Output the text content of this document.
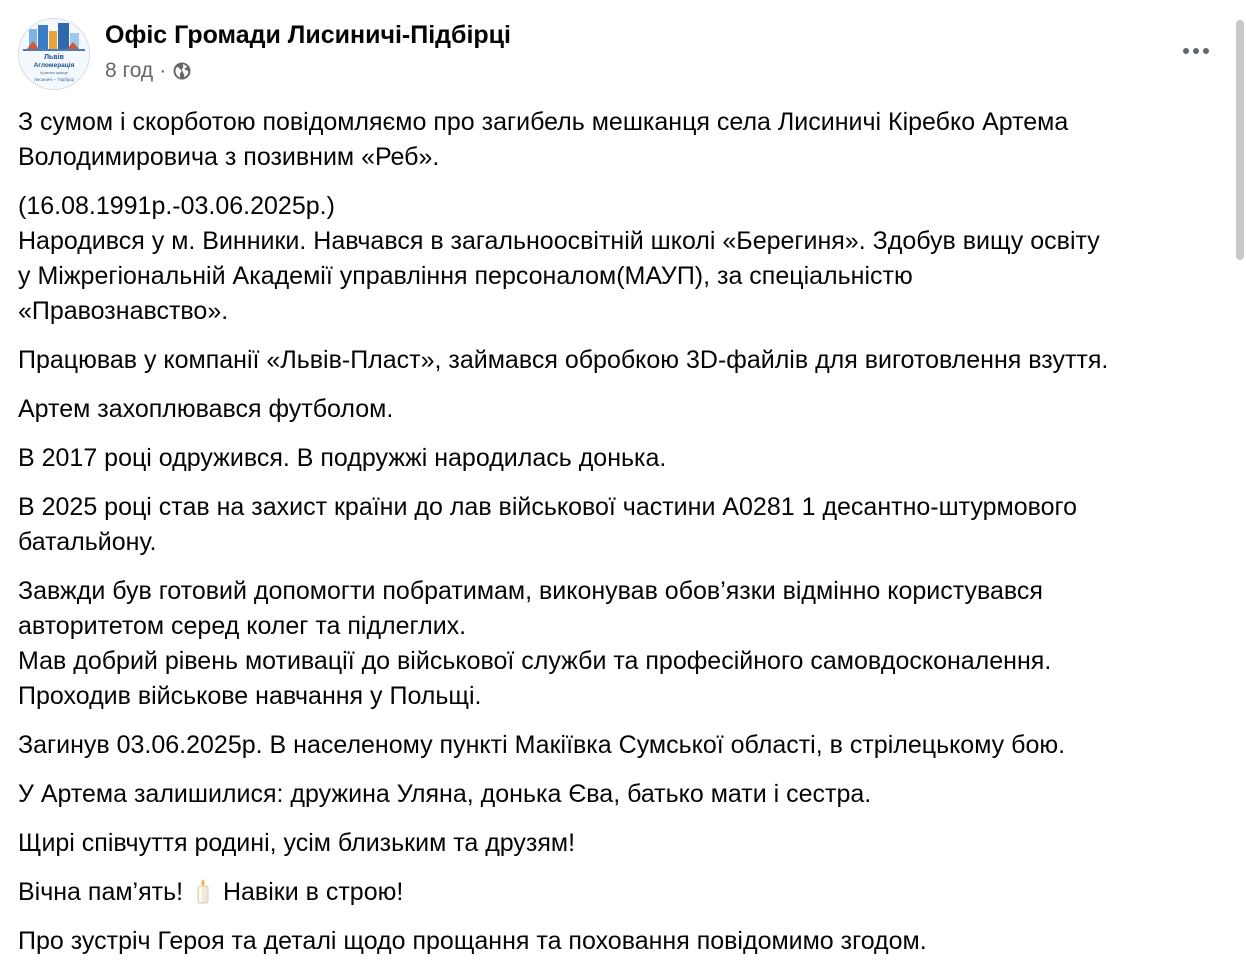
Львів
Агломерація
Краєчко краще
Лисиничі – Підбірці
Офіс Громади Лисиничі-Підбірці
8 год ·

З сумом і скорботою повідомляємо про загибель мешканця села Лисиничі Кіребко Артема
Володимировича з позивним «Реб».

(16.08.1991р.-03.06.2025р.)
Народився у м. Винники. Навчався в загальноосвітній школі «Берегиня». Здобув вищу освіту
у Міжрегіональній Академії управління персоналом(МАУП), за спеціальністю
«Правознавство».

Працював у компанії «Львів-Пласт», займався обробкою 3D-файлів для виготовлення взуття.

Артем захоплювався футболом.

В 2017 році одружився. В подружжі народилась донька.

В 2025 році став на захист країни до лав військової частини А0281 1 десантно-штурмового
батальйону.

Завжди був готовий допомогти побратимам, виконував обов’язки відмінно користувався
авторитетом серед колег та підлеглих.
Мав добрий рівень мотивації до військової служби та професійного самовдосконалення.
Проходив військове навчання у Польщі.

Загинув 03.06.2025р. В населеному пункті Макіївка Сумської області, в стрілецькому бою.

У Артема залишилися: дружина Уляна, донька Єва, батько мати і сестра.

Щирі співчуття родині, усім близьким та друзям!

Вічна пам’ять! Навіки в строю!

Про зустріч Героя та деталі щодо прощання та поховання повідомимо згодом.
